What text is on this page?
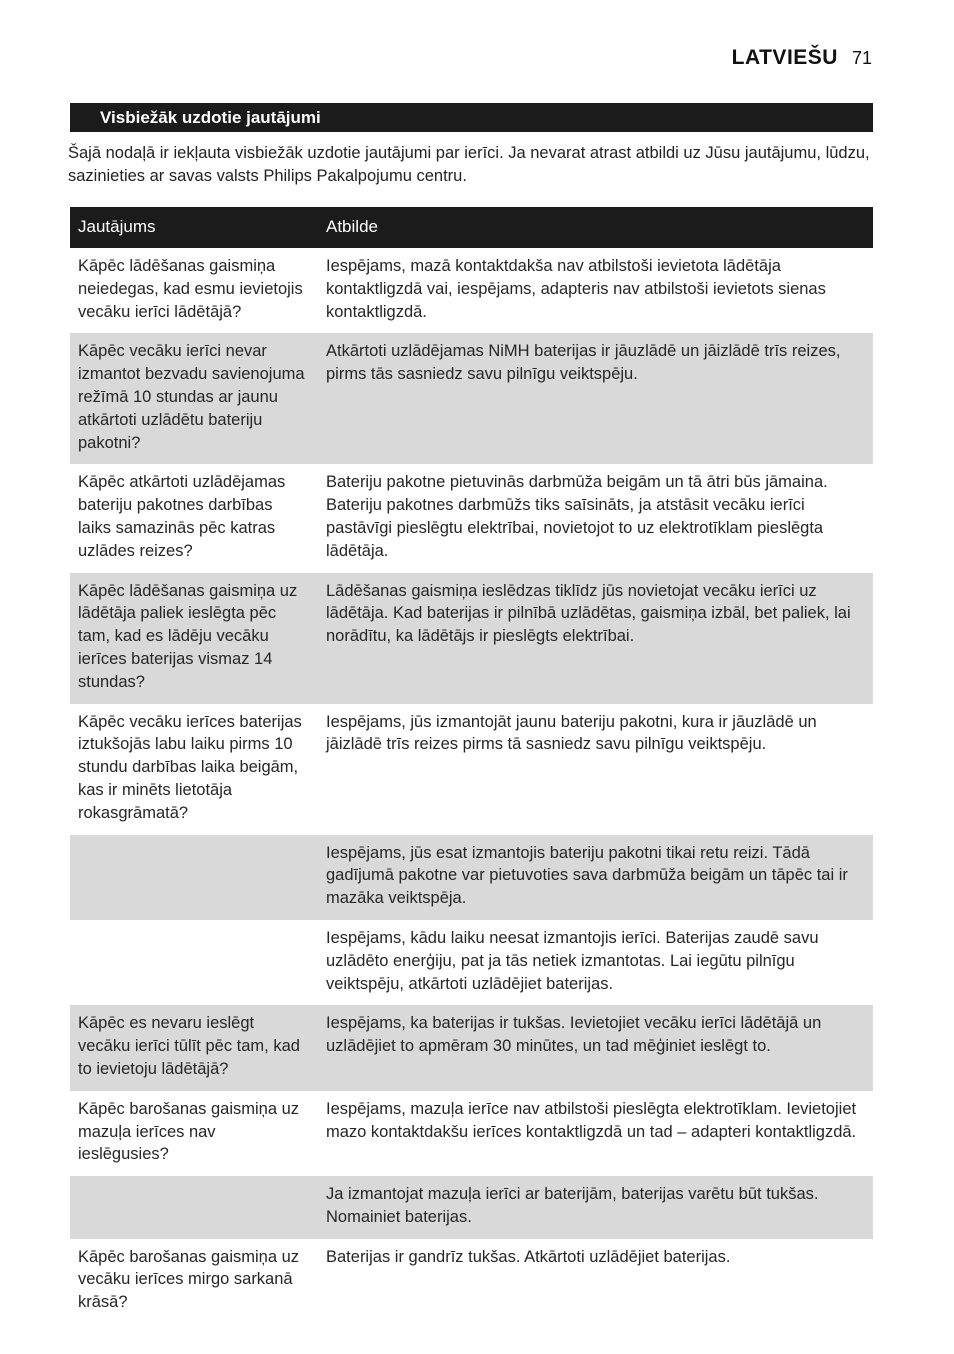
LATVIEŠU 71
Visbiežāk uzdotie jautājumi

Šajā nodaļā ir iekļauta visbiežāk uzdotie jautājumi par ierīci. Ja nevarat atrast atbildi uz Jūsu jautājumu, lūdzu, sazinieties ar savas valsts Philips Pakalpojumu centru.

Jautājums	Atbilde
Kāpēc lādēšanas gaismiņa neiedegas, kad esmu ievietojis vecāku ierīci lādētājā?	Iespējams, mazā kontaktdakša nav atbilstoši ievietota lādētāja kontaktligzdā vai, iespējams, adapteris nav atbilstoši ievietots sienas kontaktligzdā.
Kāpēc vecāku ierīci nevar izmantot bezvadu savienojuma režīmā 10 stundas ar jaunu atkārtoti uzlādētu bateriju pakotni?	Atkārtoti uzlādējamas NiMH baterijas ir jāuzlādē un jāizlādē trīs reizes, pirms tās sasniedz savu pilnīgu veiktspēju.
Kāpēc atkārtoti uzlādējamas bateriju pakotnes darbības laiks samazinās pēc katras uzlādes reizes?	Bateriju pakotne pietuvinās darbmūža beigām un tā ātri būs jāmaina. Bateriju pakotnes darbmūžs tiks saīsināts, ja atstāsit vecāku ierīci pastāvīgi pieslēgtu elektrībai, novietojot to uz elektrotīklam pieslēgta lādētāja.
Kāpēc lādēšanas gaismiņa uz lādētāja paliek ieslēgta pēc tam, kad es lādēju vecāku ierīces baterijas vismaz 14 stundas?	Lādēšanas gaismiņa ieslēdzas tiklīdz jūs novietojat vecāku ierīci uz lādētāja. Kad baterijas ir pilnībā uzlādētas, gaismiņa izbāl, bet paliek, lai norādītu, ka lādētājs ir pieslēgts elektrībai.
Kāpēc vecāku ierīces baterijas iztukšojās labu laiku pirms 10 stundu darbības laika beigām, kas ir minēts lietotāja rokasgrāmatā?	Iespējams, jūs izmantojāt jaunu bateriju pakotni, kura ir jāuzlādē un jāizlādē trīs reizes pirms tā sasniedz savu pilnīgu veiktspēju.
	Iespējams, jūs esat izmantojis bateriju pakotni tikai retu reizi. Tādā gadījumā pakotne var pietuvoties sava darbmūža beigām un tāpēc tai ir mazāka veiktspēja.
	Iespējams, kādu laiku neesat izmantojis ierīci. Baterijas zaudē savu uzlādēto enerģiju, pat ja tās netiek izmantotas. Lai iegūtu pilnīgu veiktspēju, atkārtoti uzlādējiet baterijas.
Kāpēc es nevaru ieslēgt vecāku ierīci tūlīt pēc tam, kad to ievietoju lādētājā?	Iespējams, ka baterijas ir tukšas. Ievietojiet vecāku ierīci lādētājā un uzlādējiet to apmēram 30 minūtes, un tad mēģiniet ieslēgt to.
Kāpēc barošanas gaismiņa uz mazuļa ierīces nav ieslēgusies?	Iespējams, mazuļa ierīce nav atbilstoši pieslēgta elektrotīklam. Ievietojiet mazo kontaktdakšu ierīces kontaktligzdā un tad – adapteri kontaktligzdā.
	Ja izmantojat mazuļa ierīci ar baterijām, baterijas varētu būt tukšas. Nomainiet baterijas.
Kāpēc barošanas gaismiņa uz vecāku ierīces mirgo sarkanā krāsā?	Baterijas ir gandrīz tukšas. Atkārtoti uzlādējiet baterijas.
